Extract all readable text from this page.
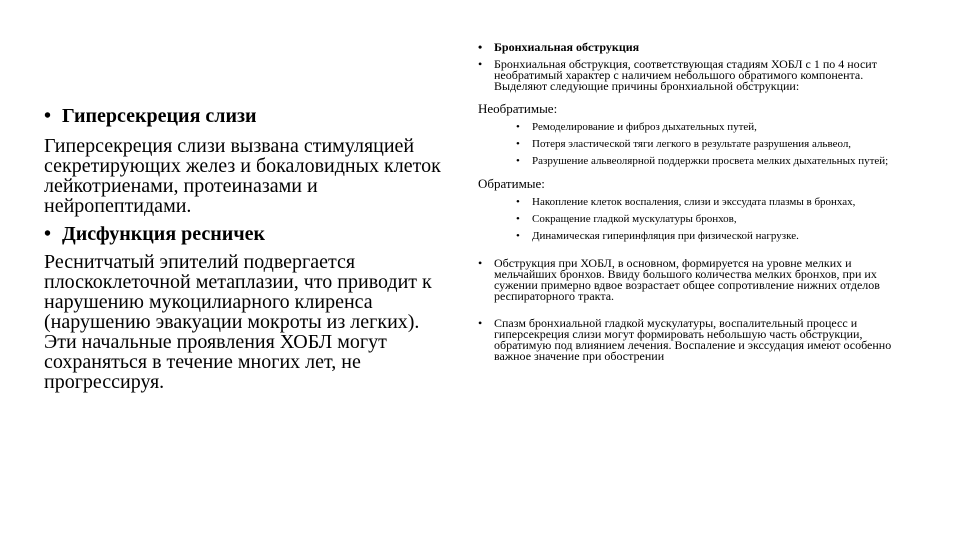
• Гиперсекреция слизи

Гиперсекреция слизи вызвана стимуляцией секретирующих желез и бокаловидных клеток лейкотриенами, протеиназами и нейропептидами.

• Дисфункция ресничек

Реснитчатый эпителий подвергается плоскоклеточной метаплазии, что приводит к нарушению мукоцилиарного клиренса (нарушению эвакуации мокроты из легких). Эти начальные проявления ХОБЛ могут сохраняться в течение многих лет, не прогрессируя.

• Бронхиальная обструкция

• Бронхиальная обструкция, соответствующая стадиям ХОБЛ с 1 по 4 носит необратимый характер с наличием небольшого обратимого компонента. Выделяют следующие причины бронхиальной обструкции:

Необратимые:

• Ремоделирование и фиброз дыхательных путей,

• Потеря эластической тяги легкого в результате разрушения альвеол,

• Разрушение альвеолярной поддержки просвета мелких дыхательных путей;

Обратимые:

• Накопление клеток воспаления, слизи и экссудата плазмы в бронхах,

• Сокращение гладкой мускулатуры бронхов,

• Динамическая гиперинфляция при физической нагрузке.

• Обструкция при ХОБЛ, в основном, формируется на уровне мелких и мельчайших бронхов. Ввиду большого количества мелких бронхов, при их сужении примерно вдвое возрастает общее сопротивление нижних отделов респираторного тракта.

• Спазм бронхиальной гладкой мускулатуры, воспалительный процесс и гиперсекреция слизи могут формировать небольшую часть обструкции, обратимую под влиянием лечения. Воспаление и экссудация имеют особенно важное значение при обострении
